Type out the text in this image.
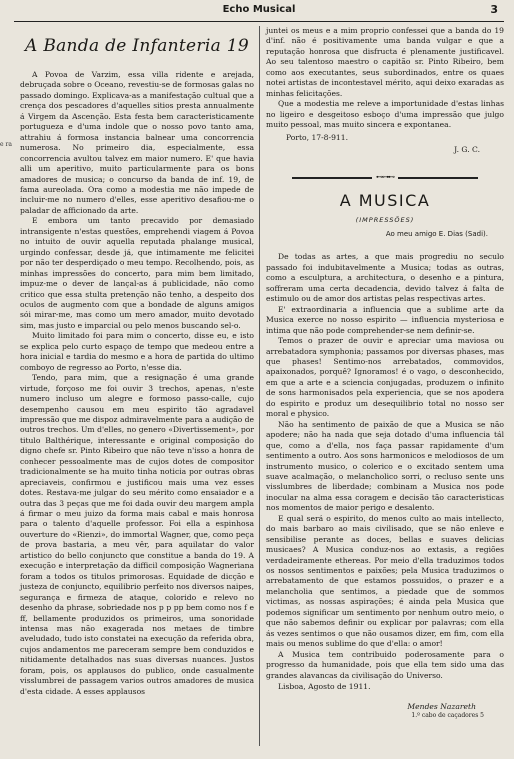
Echo Musical	3
e ra
A Banda de Infanteria 19

A Povoa de Varzim, essa villa ridente e arejada, debruçada sobre o Oceano, revestiu-se de formosas galas no passado domingo. Explicava-as a manifestação cultual que a crença dos pescadores d'aquelles sitios presta annualmente á Virgem da Ascenção. Esta festa bem caracteristicamente portugueza e d'uma indole que o nosso povo tanto ama, attrahiu á formosa instancia balnear uma concorrencia numerosa. No primeiro dia, especialmente, essa concorrencia avultou talvez em maior numero. E' que havia alli um aperitivo, muito particularmente para os bons amadores de musica; o concurso da banda de inf. 19, de fama aureolada. Ora como a modestia me não impede de incluir-me no numero d'elles, esse aperitivo desafiou-me o paladar de afficionado da arte.

E embora um tanto precavido por demasiado intransigente n'estas questões, emprehendi viagem á Povoa no intuito de ouvir aquella reputada phalange musical, urgindo confessar, desde já, que intimamente me felicitei por não ter desperdiçado o meu tempo. Recolhendo, pois, as minhas impressões do concerto, para mim bem limitado, impuz-me o dever de lançal-as á publicidade, não como critico que essa stulta pretenção não tenho, a despeito dos oculos de augmento com que a bondade de alguns amigos sói mirar-me, mas como um mero amador, muito devotado sim, mas justo e imparcial ou pelo menos buscando sel-o.

Muito limitado foi para mim o concerto, disse eu, e isto se explica pelo curto espaço de tempo que medeou entre a hora inicial e tardia do mesmo e a hora de partida do ultimo comboyo de regresso ao Porto, n'esse dia.

Tendo, para mim, que a resignação é uma grande virtude, forçoso me foi ouvir 3 trechos, apenas, n'este numero incluso um alegre e formoso passo-calle, cujo desempenho causou em meu espirito tão agradavel impressão que me dispoz admiravelmente para a audição de outros trechos. Um d'elles, no genero «Divertissement», por titulo Balthérique, interessante e original composição do digno chefe sr. Pinto Ribeiro que não teve n'isso a honra de conhecer pessoalmente mas de cujos dotes de compositor tradicionalmente se ha muito tinha noticia por outras obras apreciaveis, confirmou e justificou mais uma vez esses dotes. Restava-me julgar do seu mérito como ensaiador e a outra das 3 peças que me foi dada ouvir deu margem ampla á firmar o meu juizo da forma mais cabal e mais honrosa para o talento d'aquelle professor. Foi ella a espinhosa ouverture do «Rienzi», do immortal Wagner, que, como peça de prova bastaria, a meu vêr, para aquilatar do valor artistico do bello conjuncto que constitue a banda do 19. A execução e interpretação da difficil composição Wagneriana foram a todos os titulos primorosas. Equidade de dicção e justeza de conjuncto, equilibrio perfeito nos diversos naipes, segurança e firmeza de ataque, colorido e relevo no desenho da phrase, sobriedade nos p p pp bem como nos f e ff, bellamente produzidos os primeiros, uma sonoridade intensa mas não exagerada nos metaes de timbre aveludado, tudo isto constatei na execução da referida obra, cujos andamentos me pareceram sempre bem conduzidos e nitidamente detalhados nas suas diversas nuances. Justos foram, pois, os applausos do publico, onde casualmente visslumbrei de passagem varios outros amadores de musica d'esta cidade. A esses applausos

juntei os meus e a mim proprio confessei que a banda do 19 d'inf. não é positivamente uma banda vulgar e que a reputação honrosa que disfructa é plenamente justificavel. Ao seu talentoso maestro o capitão sr. Pinto Ribeiro, bem como aos executantes, seus subordinados, entre os quaes notei artistas de incontestavel mérito, aqui deixo exaradas as minhas felicitações.

Que a modestia me releve a importunidade d'estas linhas no ligeiro e desgeitoso esboço d'uma impressão que julgo muito pessoal, mas muito sincera e expontanea.

Porto, 17-8-911.
J. G. C.
⊷⊶⊷
A MUSICA
(IMPRESSÕES)
Ao meu amigo E. Dias (Sadi).

De todas as artes, a que mais progrediu no seculo passado foi indubitavelmente a Musica; todas as outras, como a esculptura, a architectura, o desenho e a pintura, soffreram uma certa decadencia, devido talvez á falta de estimulo ou de amor dos artistas pelas respectivas artes.

E' extraordinaria a influencia que a sublime arte da Musica exerce no nosso espirito — influencia mysteriosa e intima que não pode comprehender-se nem definir-se.

Temos o prazer de ouvir e apreciar uma maviosa ou arrebatadora symphonia; passamos por diversas phases, mas que phases! Sentimo-nos arrebatados, commovidos, apaixonados, porquê? Ignoramos! é o vago, o desconhecido, em que a arte e a sciencia conjugadas, produzem o infinito de sons harmonisados pela experiencia, que se nos apodera do espirito e produz um desequilibrio total no nosso ser moral e physico.

Não ha sentimento de paixão de que a Musica se não apodere; não ha nada que seja dotado d'uma influencia tál que, como a d'ella, nos faça passar rapidamente d'um sentimento a outro. Aos sons harmonicos e melodiosos de um instrumento musico, o colerico e o excitado sentem uma suave acalmação, o melancholico sorri, o recluso sente uns visslumbres de liberdade; combinam a Musica nos pode inocular na alma essa coragem e decisão tão caracteristicas nos momentos de maior perigo e desalento.

E qual será o espirito, do menos culto ao mais intellecto, do mais barbaro ao mais civilisado, que se não enleve e sensibilise perante as doces, bellas e suaves delicias musicaes? A Musica conduz-nos ao extasis, a regiões verdadeiramente ethereas. Por meio d'ella traduzimos todos os nossos sentimentos e paixões; pela Musica traduzimos o arrebatamento de que estamos possuidos, o prazer e a melancholia que sentimos, a piedade que de sommos victimas, as nossas aspirações; é ainda pela Musica que podemos significar um sentimento por nenhum outro meio, o que não sabemos definir ou explicar por palavras; com ella ás vezes sentimos o que não ousamos dizer, em fim, com ella mais ou menos sublime do que d'ella: o amor!

A Musica tem contribuido poderosamente para o progresso da humanidade, pois que ella tem sido uma das grandes alavancas da civilisação do Universo.

Lisboa, Agosto de 1911.
Mendes Nazareth
1.º cabo de caçadores 5
